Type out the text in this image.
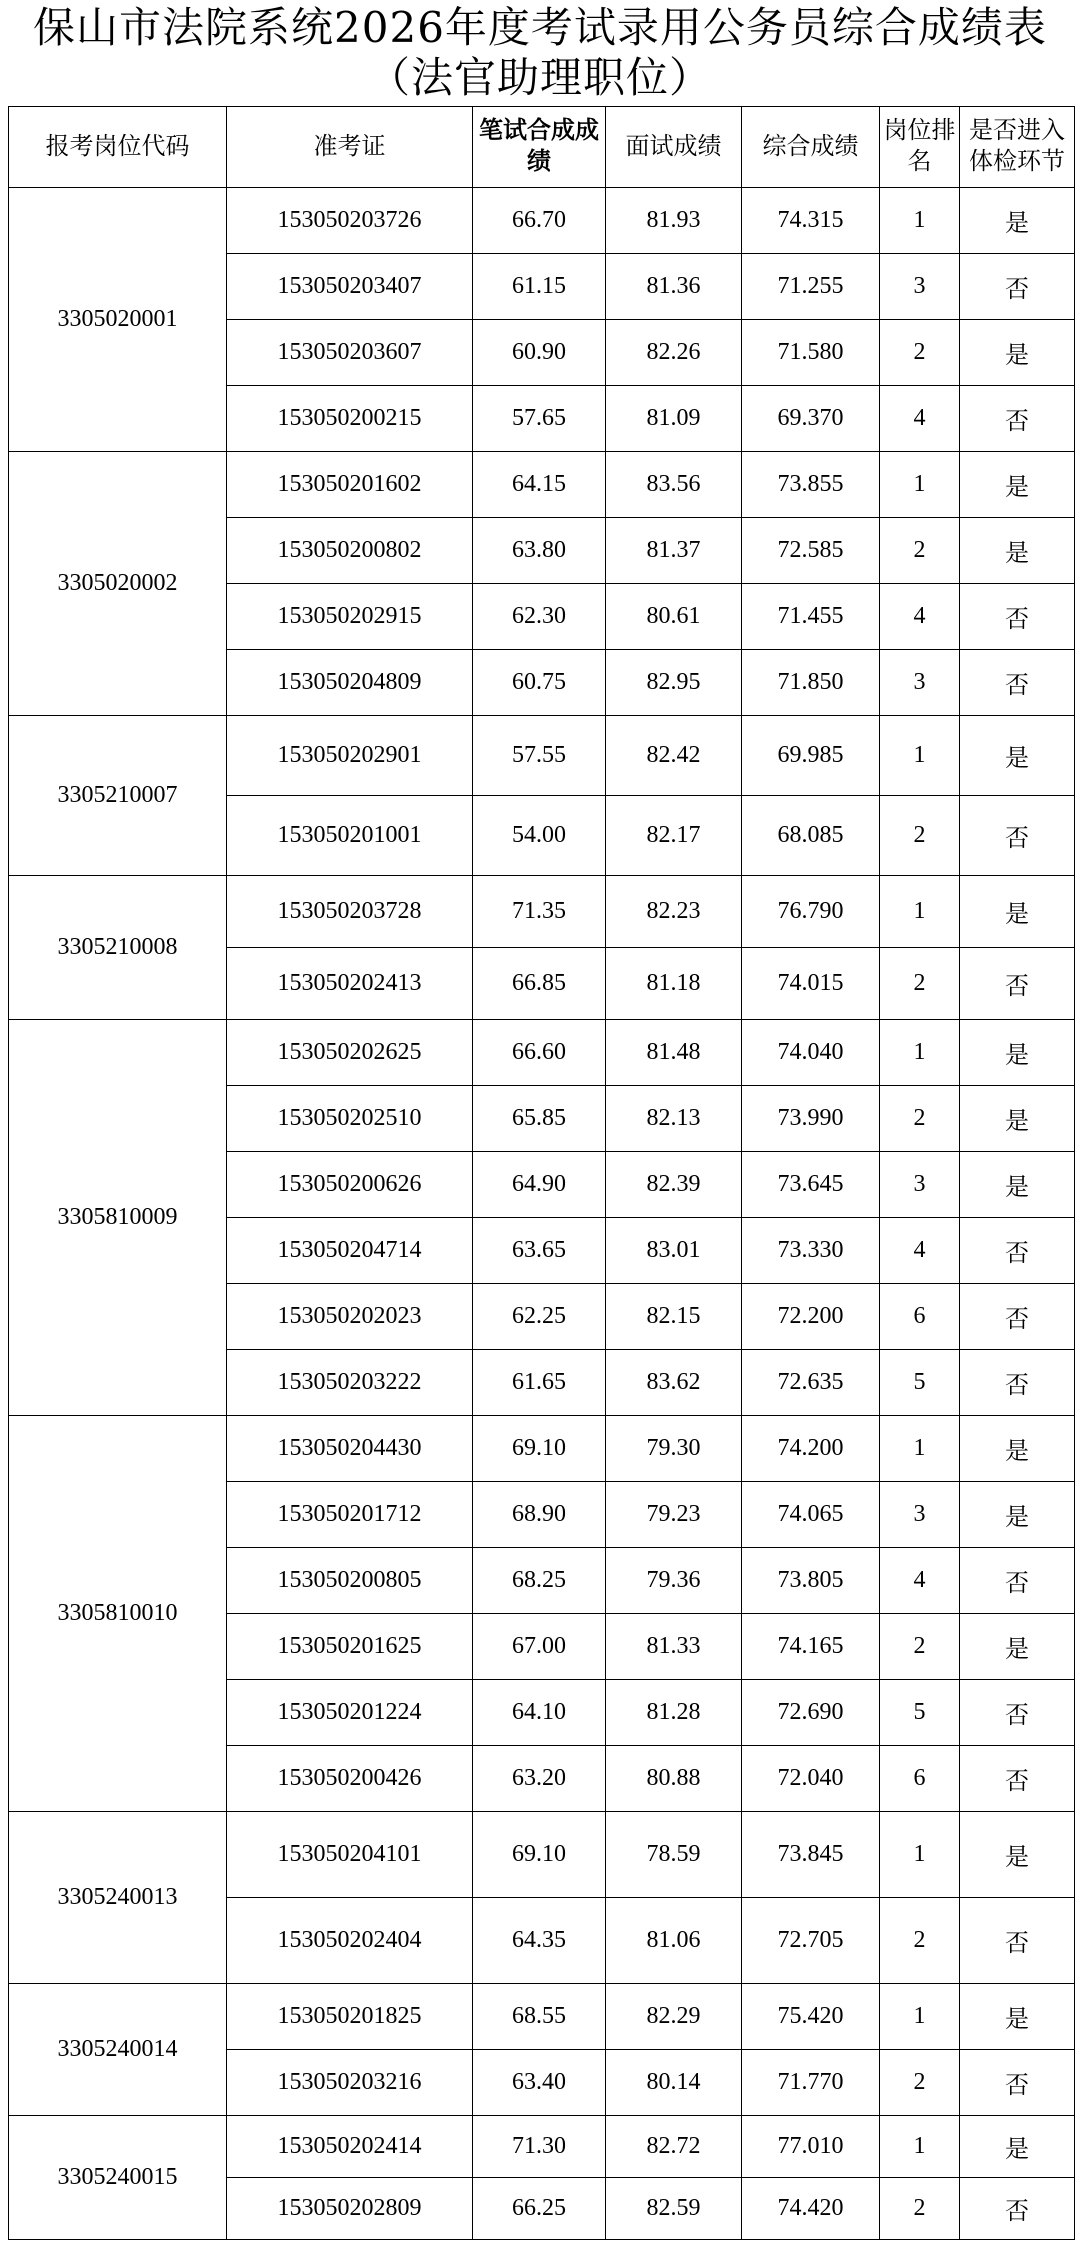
保山市法院系统2026年度考试录用公务员综合成绩表
（法官助理职位）
报考岗位代码	准考证	笔试合成成绩	面试成绩	综合成绩	岗位排名	是否进入体检环节

3305020001	153050203726	66.70	81.93	74.315	1	是
	153050203407	61.15	81.36	71.255	3	否
	153050203607	60.90	82.26	71.580	2	是
	153050200215	57.65	81.09	69.370	4	否
3305020002	153050201602	64.15	83.56	73.855	1	是
	153050200802	63.80	81.37	72.585	2	是
	153050202915	62.30	80.61	71.455	4	否
	153050204809	60.75	82.95	71.850	3	否
3305210007	153050202901	57.55	82.42	69.985	1	是
	153050201001	54.00	82.17	68.085	2	否
3305210008	153050203728	71.35	82.23	76.790	1	是
	153050202413	66.85	81.18	74.015	2	否
3305810009	153050202625	66.60	81.48	74.040	1	是
	153050202510	65.85	82.13	73.990	2	是
	153050200626	64.90	82.39	73.645	3	是
	153050204714	63.65	83.01	73.330	4	否
	153050202023	62.25	82.15	72.200	6	否
	153050203222	61.65	83.62	72.635	5	否
3305810010	153050204430	69.10	79.30	74.200	1	是
	153050201712	68.90	79.23	74.065	3	是
	153050200805	68.25	79.36	73.805	4	否
	153050201625	67.00	81.33	74.165	2	是
	153050201224	64.10	81.28	72.690	5	否
	153050200426	63.20	80.88	72.040	6	否
3305240013	153050204101	69.10	78.59	73.845	1	是
	153050202404	64.35	81.06	72.705	2	否
3305240014	153050201825	68.55	82.29	75.420	1	是
	153050203216	63.40	80.14	71.770	2	否
3305240015	153050202414	71.30	82.72	77.010	1	是
	153050202809	66.25	82.59	74.420	2	否
